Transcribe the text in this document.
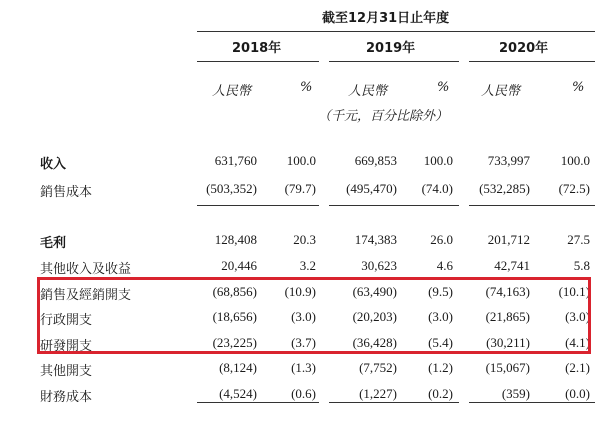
截至12月31日止年度
2018年	2019年	2020年
人民幣	%	人民幣	% 人民幣	%
（千元，百分比除外）
收入	631,760 100.0	669,853 100.0	733,997 100.0
銷售成本	(503,352) (79.7) (495,470) (74.0) (532,285) (72.5)
毛利	128,408	20.3	174,383	26.0	201,712	27.5
其他收入及收益	20,446	3.2	30,623	4.6	42,741	5.8
銷售及經銷開支	(68,856) (10.9)	(63,490) (9.5)	(74,163) (10.1)
行政開支	(18,656)	(3.0)	(20,203) (3.0)	(21,865)	(3.0)
研發開支	(23,225)	(3.7)	(36,428) (5.4)	(30,211)	(4.1)
其他開支	(8,124)	(1.3)	(7,752) (1.2)	(15,067)	(2.1)
財務成本	(4,524)	(0.6)	(1,227) (0.2)	(359)	(0.0)
